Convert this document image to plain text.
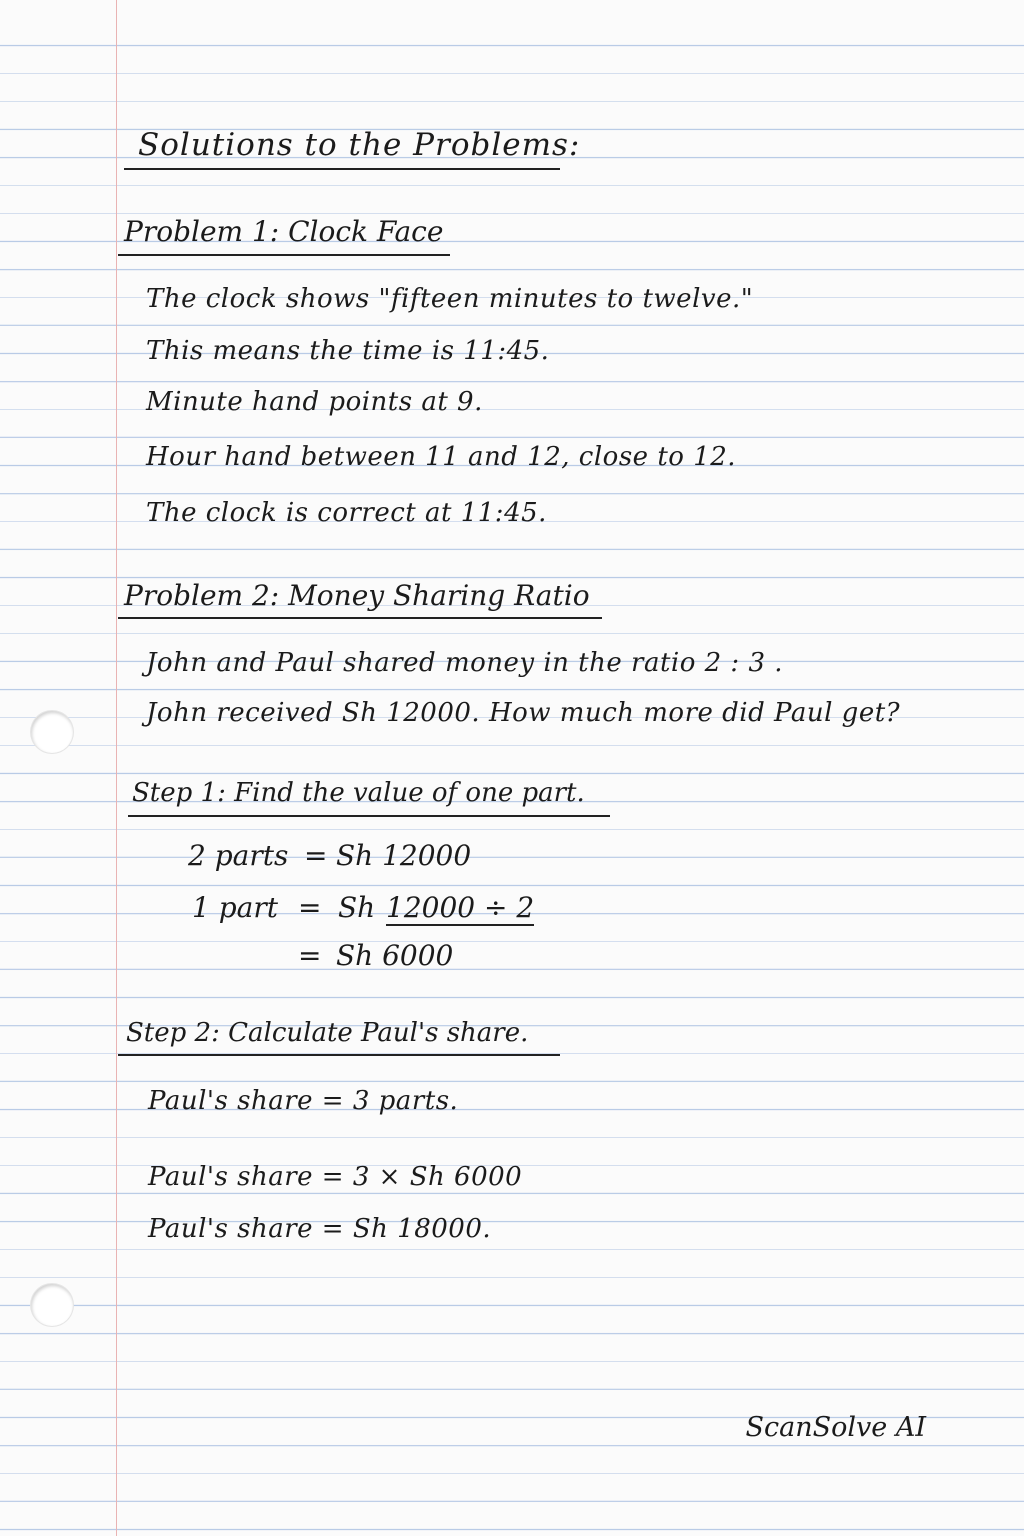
Solutions to the Problems:
Problem 1: Clock Face
The clock shows "fifteen minutes to twelve."
This means the time is 11:45.
Minute hand points at 9.
Hour hand between 11 and 12, close to 12.
The clock is correct at 11:45.
Problem 2: Money Sharing Ratio
John and Paul shared money in the ratio 2 : 3 .
John received Sh 12000. How much more did Paul get?
Step 1: Find the value of one part.
2 parts = Sh 12000
1 part = Sh 12000 ÷ 2
= Sh 6000
Step 2: Calculate Paul's share.
Paul's share = 3 parts.
Paul's share = 3 × Sh 6000
Paul's share = Sh 18000.
ScanSolve AI
